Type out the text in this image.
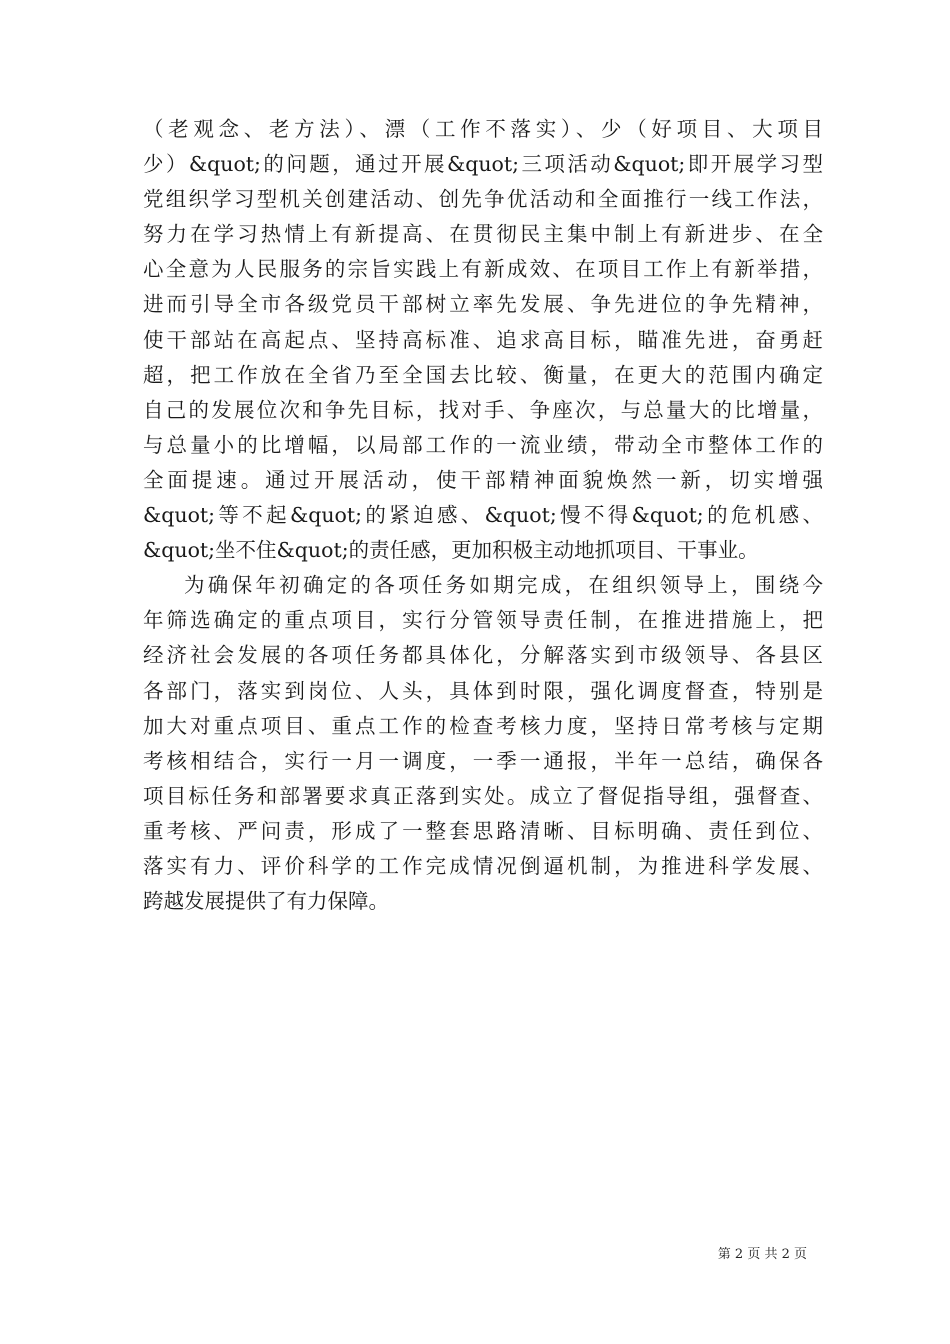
（老观念、老方法）、漂（工作不落实）、少（好项目、大项目
少）&quot;的问题，通过开展&quot;三项活动&quot;即开展学习型
党组织学习型机关创建活动、创先争优活动和全面推行一线工作法，
努力在学习热情上有新提高、在贯彻民主集中制上有新进步、在全
心全意为人民服务的宗旨实践上有新成效、在项目工作上有新举措，
进而引导全市各级党员干部树立率先发展、争先进位的争先精神，
使干部站在高起点、坚持高标准、追求高目标，瞄准先进，奋勇赶
超，把工作放在全省乃至全国去比较、衡量，在更大的范围内确定
自己的发展位次和争先目标，找对手、争座次，与总量大的比增量，
与总量小的比增幅，以局部工作的一流业绩，带动全市整体工作的
全面提速。通过开展活动，使干部精神面貌焕然一新，切实增强
&quot;等不起&quot;的紧迫感、&quot;慢不得&quot;的危机感、
&quot;坐不住&quot;的责任感，更加积极主动地抓项目、干事业。
为确保年初确定的各项任务如期完成，在组织领导上，围绕今
年筛选确定的重点项目，实行分管领导责任制，在推进措施上，把
经济社会发展的各项任务都具体化，分解落实到市级领导、各县区
各部门，落实到岗位、人头，具体到时限，强化调度督查，特别是
加大对重点项目、重点工作的检查考核力度，坚持日常考核与定期
考核相结合，实行一月一调度，一季一通报，半年一总结，确保各
项目标任务和部署要求真正落到实处。成立了督促指导组，强督查、
重考核、严问责，形成了一整套思路清晰、目标明确、责任到位、
落实有力、评价科学的工作完成情况倒逼机制，为推进科学发展、
跨越发展提供了有力保障。
第 2 页 共 2 页
